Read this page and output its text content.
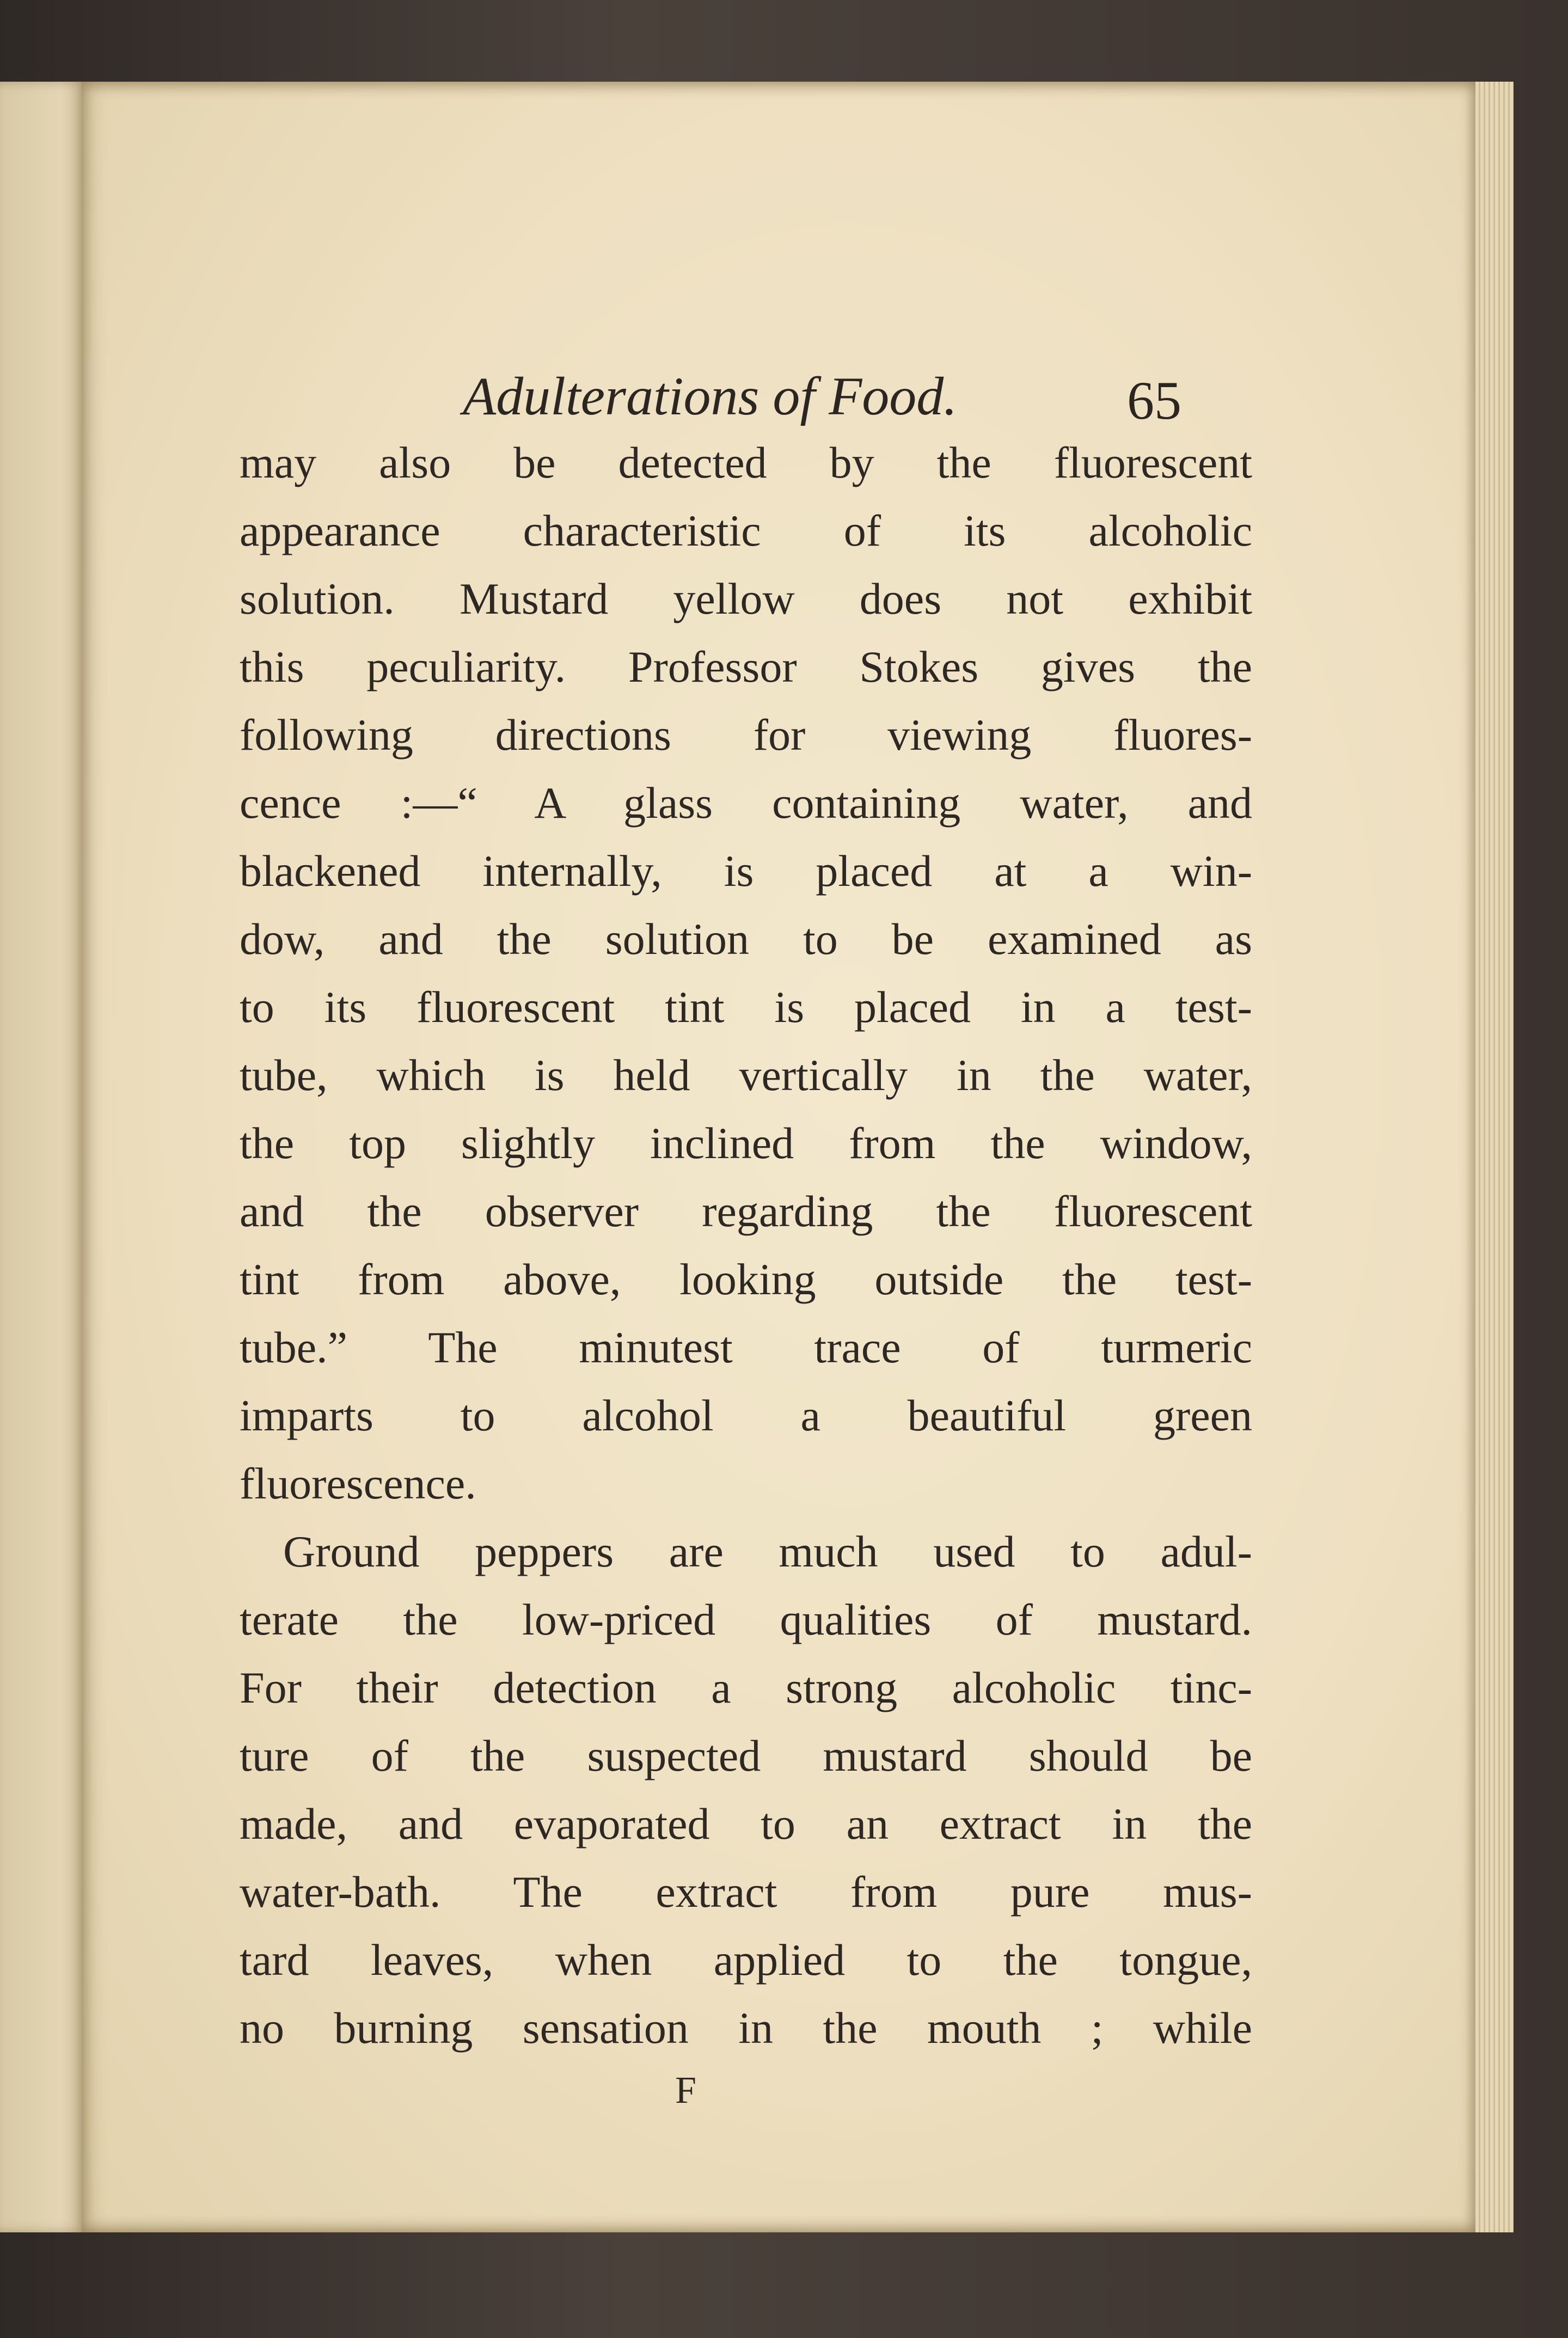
Adulterations of Food.	65
may also be detected by the fluorescent
appearance characteristic of its alcoholic
solution. Mustard yellow does not exhibit
this peculiarity. Professor Stokes gives the
following directions for viewing fluores-
cence :—“ A glass containing water, and
blackened internally, is placed at a win-
dow, and the solution to be examined as
to its fluorescent tint is placed in a test-
tube, which is held vertically in the water,
the top slightly inclined from the window,
and the observer regarding the fluorescent
tint from above, looking outside the test-
tube.” The minutest trace of turmeric
imparts to alcohol a beautiful green
fluorescence.
Ground peppers are much used to adul-
terate the low-priced qualities of mustard.
For their detection a strong alcoholic tinc-
ture of the suspected mustard should be
made, and evaporated to an extract in the
water-bath. The extract from pure mus-
tard leaves, when applied to the tongue,
no burning sensation in the mouth ; while
F
